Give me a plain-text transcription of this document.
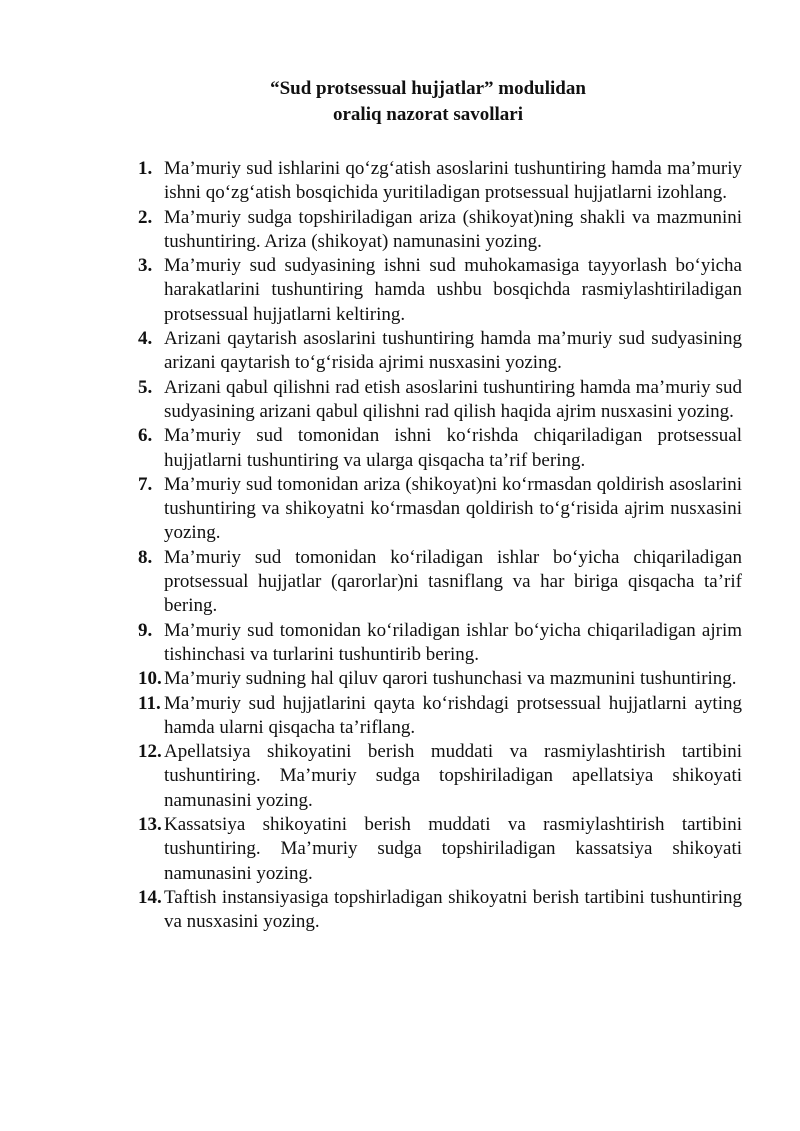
“Sud protsessual hujjatlar” modulidan
oraliq nazorat savollari
1. Ma’muriy sud ishlarini qo‘zg‘atish asoslarini tushuntiring hamda ma’muriy ishni qo‘zg‘atish bosqichida yuritiladigan protsessual hujjatlarni izohlang.
2. Ma’muriy sudga topshiriladigan ariza (shikoyat)ning shakli va mazmunini tushuntiring. Ariza (shikoyat) namunasini yozing.
3. Ma’muriy sud sudyasining ishni sud muhokamasiga tayyorlash bo‘yicha harakatlarini tushuntiring hamda ushbu bosqichda rasmiylashtiriladigan protsessual hujjatlarni keltiring.
4. Arizani qaytarish asoslarini tushuntiring hamda ma’muriy sud sudyasining arizani qaytarish to‘g‘risida ajrimi nusxasini yozing.
5. Arizani qabul qilishni rad etish asoslarini tushuntiring hamda ma’muriy sud sudyasining arizani qabul qilishni rad qilish haqida ajrim nusxasini yozing.
6. Ma’muriy sud tomonidan ishni ko‘rishda chiqariladigan protsessual hujjatlarni tushuntiring va ularga qisqacha ta’rif bering.
7. Ma’muriy sud tomonidan ariza (shikoyat)ni ko‘rmasdan qoldirish asoslarini tushuntiring va shikoyatni ko‘rmasdan qoldirish to‘g‘risida ajrim nusxasini yozing.
8. Ma’muriy sud tomonidan ko‘riladigan ishlar bo‘yicha chiqariladigan protsessual hujjatlar (qarorlar)ni tasniflang va har biriga qisqacha ta’rif bering.
9. Ma’muriy sud tomonidan ko‘riladigan ishlar bo‘yicha chiqariladigan ajrim tishinchasi va turlarini tushuntirib bering.
10. Ma’muriy sudning hal qiluv qarori tushunchasi va mazmunini tushuntiring.
11. Ma’muriy sud hujjatlarini qayta ko‘rishdagi protsessual hujjatlarni ayting hamda ularni qisqacha ta’riflang.
12. Apellatsiya shikoyatini berish muddati va rasmiylashtirish tartibini tushuntiring. Ma’muriy sudga topshiriladigan apellatsiya shikoyati namunasini yozing.
13. Kassatsiya shikoyatini berish muddati va rasmiylashtirish tartibini tushuntiring. Ma’muriy sudga topshiriladigan kassatsiya shikoyati namunasini yozing.
14. Taftish instansiyasiga topshirladigan shikoyatni berish tartibini tushuntiring va nusxasini yozing.
